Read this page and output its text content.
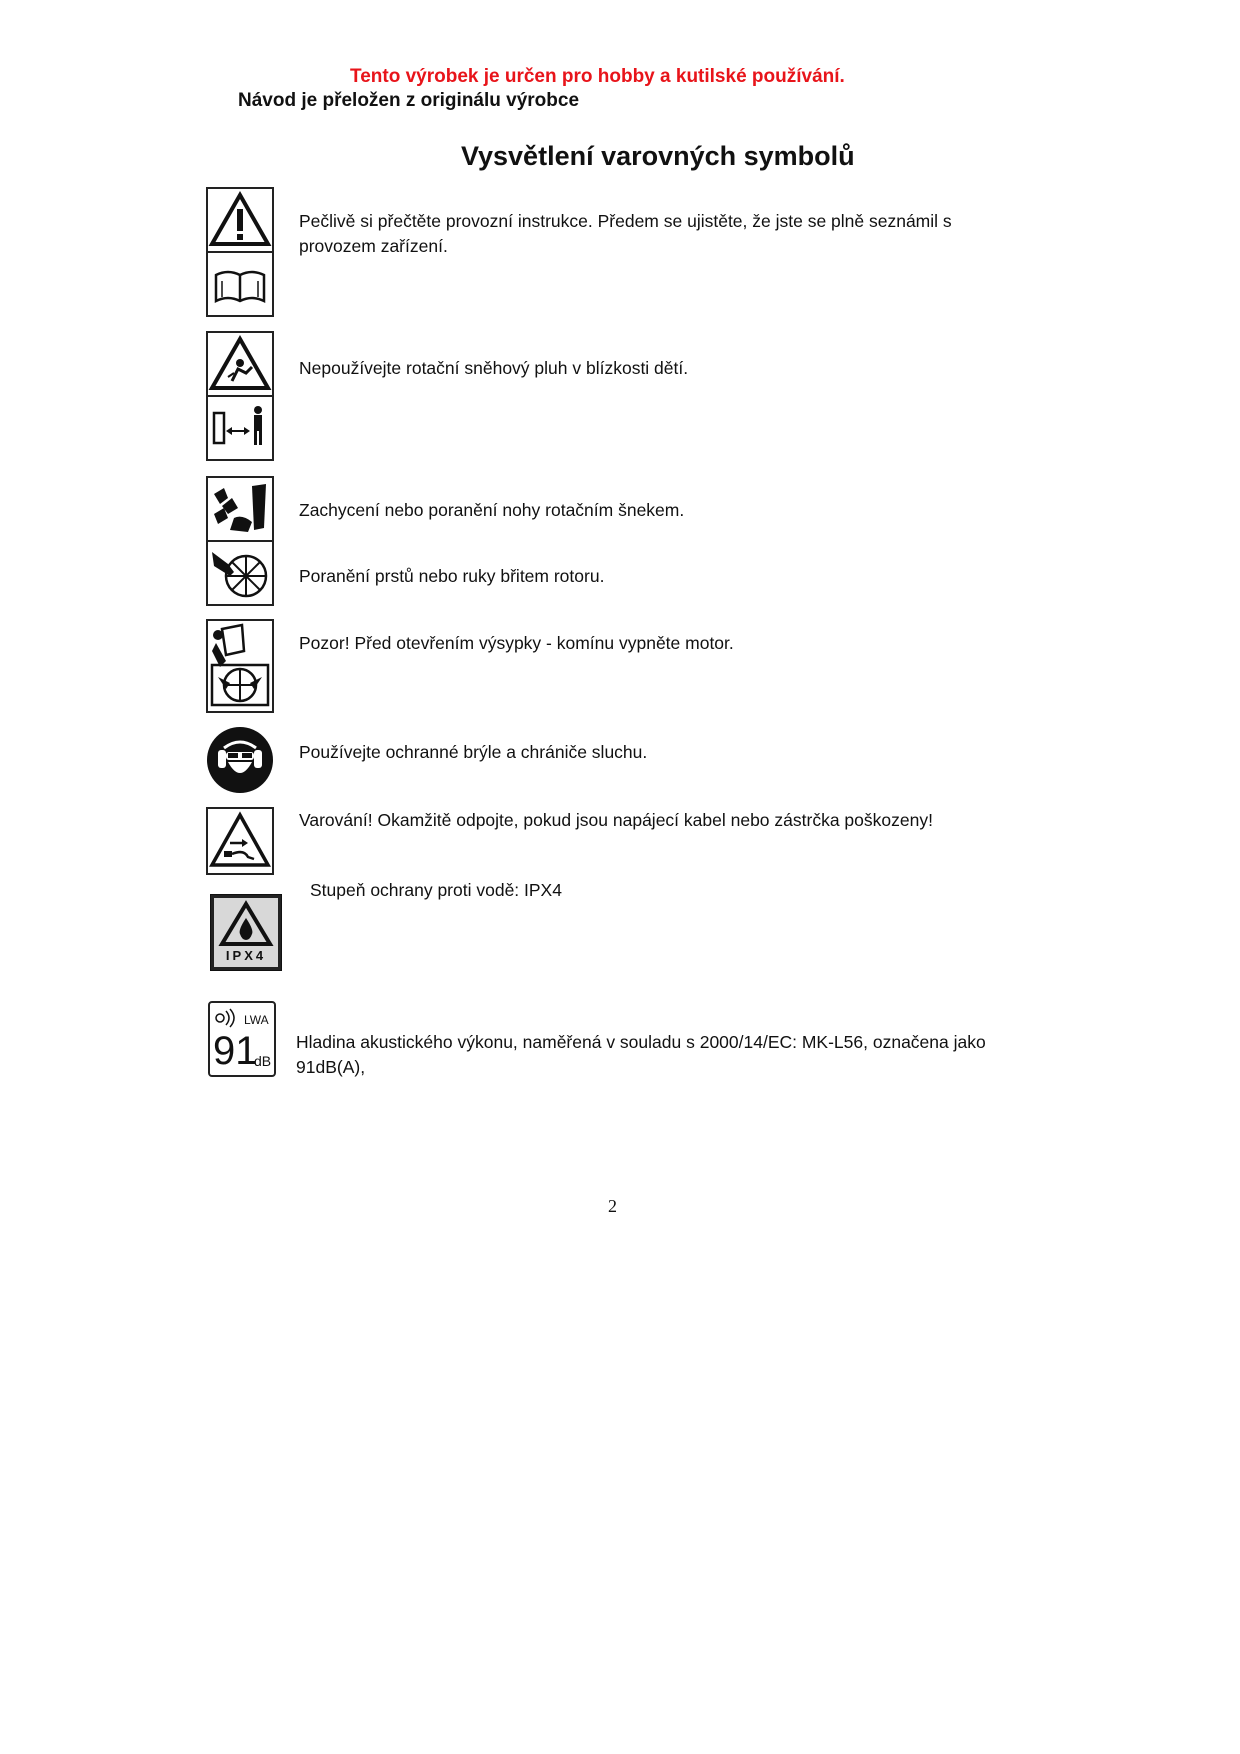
Tento výrobek je určen pro hobby a kutilské používání.
Návod je přeložen z originálu výrobce
Vysvětlení varovných symbolů
Pečlivě si přečtěte provozní instrukce. Předem se ujistěte, že jste se plně seznámil s provozem zařízení.
Nepoužívejte rotační sněhový pluh v blízkosti dětí.
Zachycení nebo poranění nohy rotačním šnekem.
Poranění prstů nebo ruky břitem rotoru.
Pozor! Před otevřením výsypky - komínu vypněte motor.
Používejte ochranné brýle a chrániče sluchu.
Varování! Okamžitě odpojte, pokud jsou napájecí kabel nebo zástrčka poškozeny!
IPX4
Stupeň ochrany proti vodě: IPX4
LWA
91
dB
Hladina akustického výkonu, naměřená v souladu s 2000/14/EC: MK-L56, označena jako 91dB(A),
2
